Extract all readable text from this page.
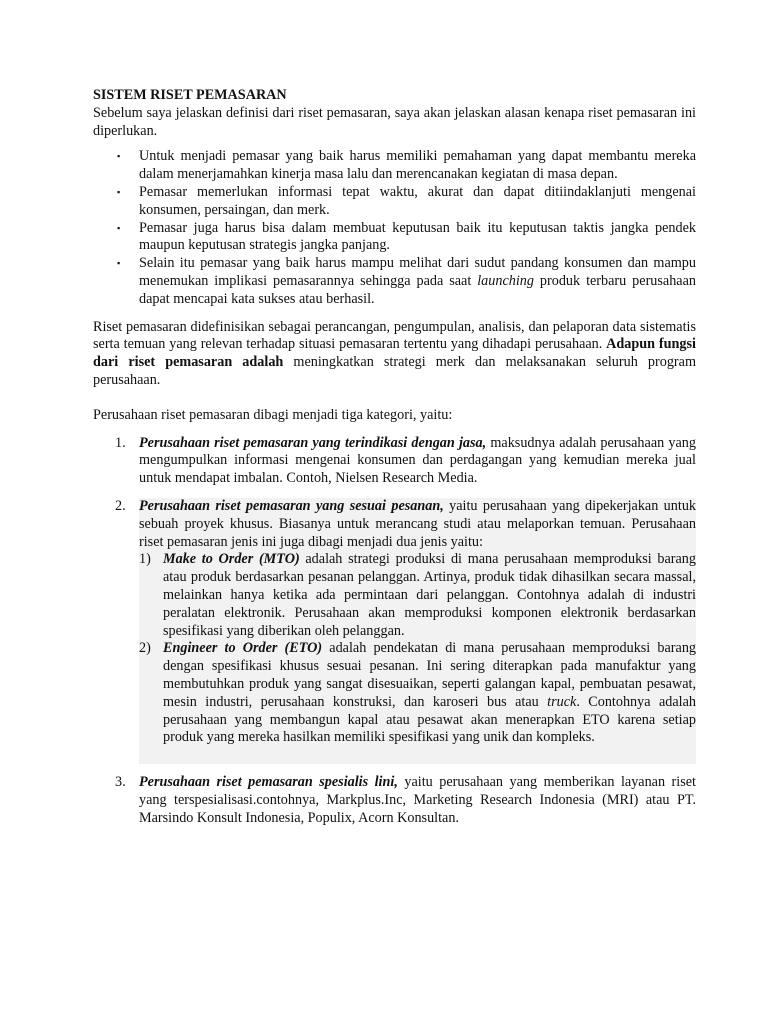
SISTEM RISET PEMASARAN

Sebelum saya jelaskan definisi dari riset pemasaran, saya akan jelaskan alasan kenapa riset pemasaran ini diperlukan.

▪ Untuk menjadi pemasar yang baik harus memiliki pemahaman yang dapat membantu mereka dalam menerjamahkan kinerja masa lalu dan merencanakan kegiatan di masa depan.
▪ Pemasar memerlukan informasi tepat waktu, akurat dan dapat ditiindaklanjuti mengenai konsumen, persaingan, dan merk.
▪ Pemasar juga harus bisa dalam membuat keputusan baik itu keputusan taktis jangka pendek maupun keputusan strategis jangka panjang.
▪ Selain itu pemasar yang baik harus mampu melihat dari sudut pandang konsumen dan mampu menemukan implikasi pemasarannya sehingga pada saat launching produk terbaru perusahaan dapat mencapai kata sukses atau berhasil.

Riset pemasaran didefinisikan sebagai perancangan, pengumpulan, analisis, dan pelaporan data sistematis serta temuan yang relevan terhadap situasi pemasaran tertentu yang dihadapi perusahaan. Adapun fungsi dari riset pemasaran adalah meningkatkan strategi merk dan melaksanakan seluruh program perusahaan.

Perusahaan riset pemasaran dibagi menjadi tiga kategori, yaitu:

1. Perusahaan riset pemasaran yang terindikasi dengan jasa, maksudnya adalah perusahaan yang mengumpulkan informasi mengenai konsumen dan perdagangan yang kemudian mereka jual untuk mendapat imbalan. Contoh, Nielsen Research Media.
2. Perusahaan riset pemasaran yang sesuai pesanan, yaitu perusahaan yang dipekerjakan untuk sebuah proyek khusus. Biasanya untuk merancang studi atau melaporkan temuan. Perusahaan riset pemasaran jenis ini juga dibagi menjadi dua jenis yaitu:
1) Make to Order (MTO) adalah strategi produksi di mana perusahaan memproduksi barang atau produk berdasarkan pesanan pelanggan. Artinya, produk tidak dihasilkan secara massal, melainkan hanya ketika ada permintaan dari pelanggan. Contohnya adalah di industri peralatan elektronik. Perusahaan akan memproduksi komponen elektronik berdasarkan spesifikasi yang diberikan oleh pelanggan.
2) Engineer to Order (ETO) adalah pendekatan di mana perusahaan memproduksi barang dengan spesifikasi khusus sesuai pesanan. Ini sering diterapkan pada manufaktur yang membutuhkan produk yang sangat disesuaikan, seperti galangan kapal, pembuatan pesawat, mesin industri, perusahaan konstruksi, dan karoseri bus atau truck. Contohnya adalah perusahaan yang membangun kapal atau pesawat akan menerapkan ETO karena setiap produk yang mereka hasilkan memiliki spesifikasi yang unik dan kompleks.
3. Perusahaan riset pemasaran spesialis lini, yaitu perusahaan yang memberikan layanan riset yang terspesialisasi.contohnya, Markplus.Inc, Marketing Research Indonesia (MRI) atau PT. Marsindo Konsult Indonesia, Populix, Acorn Konsultan.
